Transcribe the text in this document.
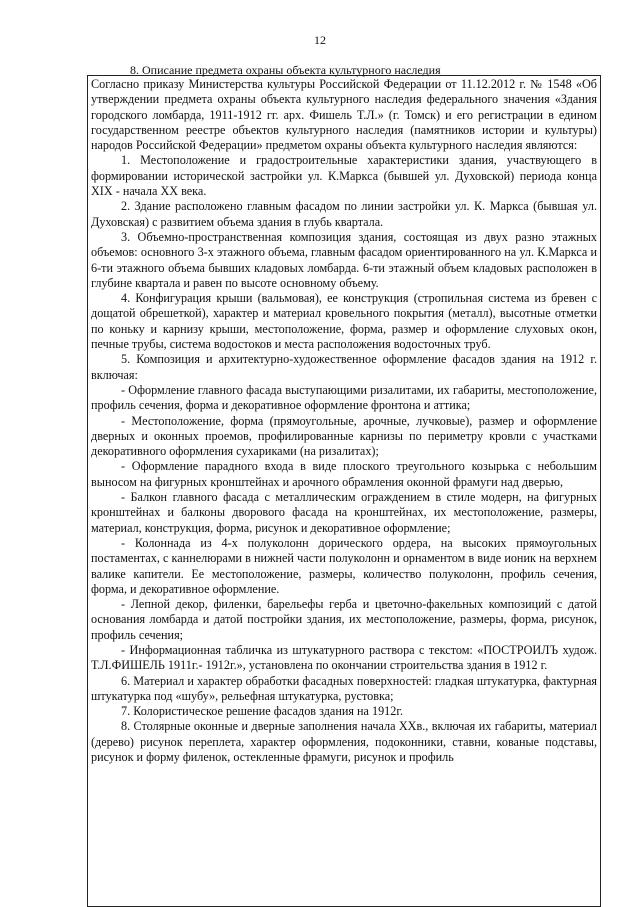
12
8. Описание предмета охраны объекта культурного наследия

Согласно приказу Министерства культуры Российской Федерации от 11.12.2012 г. № 1548 «Об утверждении предмета охраны объекта культурного наследия федерального значения «Здания городского ломбарда, 1911-1912 гг. арх. Фишель Т.Л.» (г. Томск) и его регистрации в едином государственном реестре объектов культурного наследия (памятников истории и культуры) народов Российской Федерации» предметом охраны объекта культурного наследия являются:

1. Местоположение и градостроительные характеристики здания, участвующего в формировании исторической застройки ул. К.Маркса (бывшей ул. Духовской) периода конца XIX - начала XX века.

2. Здание расположено главным фасадом по линии застройки ул. К. Маркса (бывшая ул. Духовская) с развитием объема здания в глубь квартала.

3. Объемно-пространственная композиция здания, состоящая из двух разно этажных объемов: основного 3-х этажного объема, главным фасадом ориентированного на ул. К.Маркса и 6-ти этажного объема бывших кладовых ломбарда. 6-ти этажный объем кладовых расположен в глубине квартала и равен по высоте основному объему.

4. Конфигурация крыши (вальмовая), ее конструкция (стропильная система из бревен с дощатой обрешеткой), характер и материал кровельного покрытия (металл), высотные отметки по коньку и карнизу крыши, местоположение, форма, размер и оформление слуховых окон, печные трубы, система водостоков и места расположения водосточных труб.

5. Композиция и архитектурно-художественное оформление фасадов здания на 1912 г. включая:

- Оформление главного фасада выступающими ризалитами, их габариты, местоположение, профиль сечения, форма и декоративное оформление фронтона и аттика;

- Местоположение, форма (прямоугольные, арочные, лучковые), размер и оформление дверных и оконных проемов, профилированные карнизы по периметру кровли с участками декоративного оформления сухариками (на ризалитах);

- Оформление парадного входа в виде плоского треугольного козырька с небольшим выносом на фигурных кронштейнах и арочного обрамления оконной фрамуги над дверью,

- Балкон главного фасада с металлическим ограждением в стиле модерн, на фигурных кронштейнах и балконы дворового фасада на кронштейнах, их местоположение, размеры, материал, конструкция, форма, рисунок и декоративное оформление;

- Колоннада из 4-х полуколонн дорического ордера, на высоких прямоугольных постаментах, с каннелюрами в нижней части полуколонн и орнаментом в виде ионик на верхнем валике капители. Ее местоположение, размеры, количество полуколонн, профиль сечения, форма, и декоративное оформление.

- Лепной декор, филенки, барельефы герба и цветочно-факельных композиций с датой основания ломбарда и датой постройки здания, их местоположение, размеры, форма, рисунок, профиль сечения;

- Информационная табличка из штукатурного раствора с текстом: «ПОСТРОИЛЪ худож. Т.Л.ФИШЕЛЬ 1911г.- 1912г.», установлена по окончании строительства здания в 1912 г.

6. Материал и характер обработки фасадных поверхностей: гладкая штукатурка, фактурная штукатурка под «шубу», рельефная штукатурка, рустовка;

7. Колористическое решение фасадов здания на 1912г.

8. Столярные оконные и дверные заполнения начала XXв., включая их габариты, материал (дерево) рисунок переплета, характер оформления, подоконники, ставни, кованые подставы, рисунок и форму филенок, остекленные фрамуги, рисунок и профиль
